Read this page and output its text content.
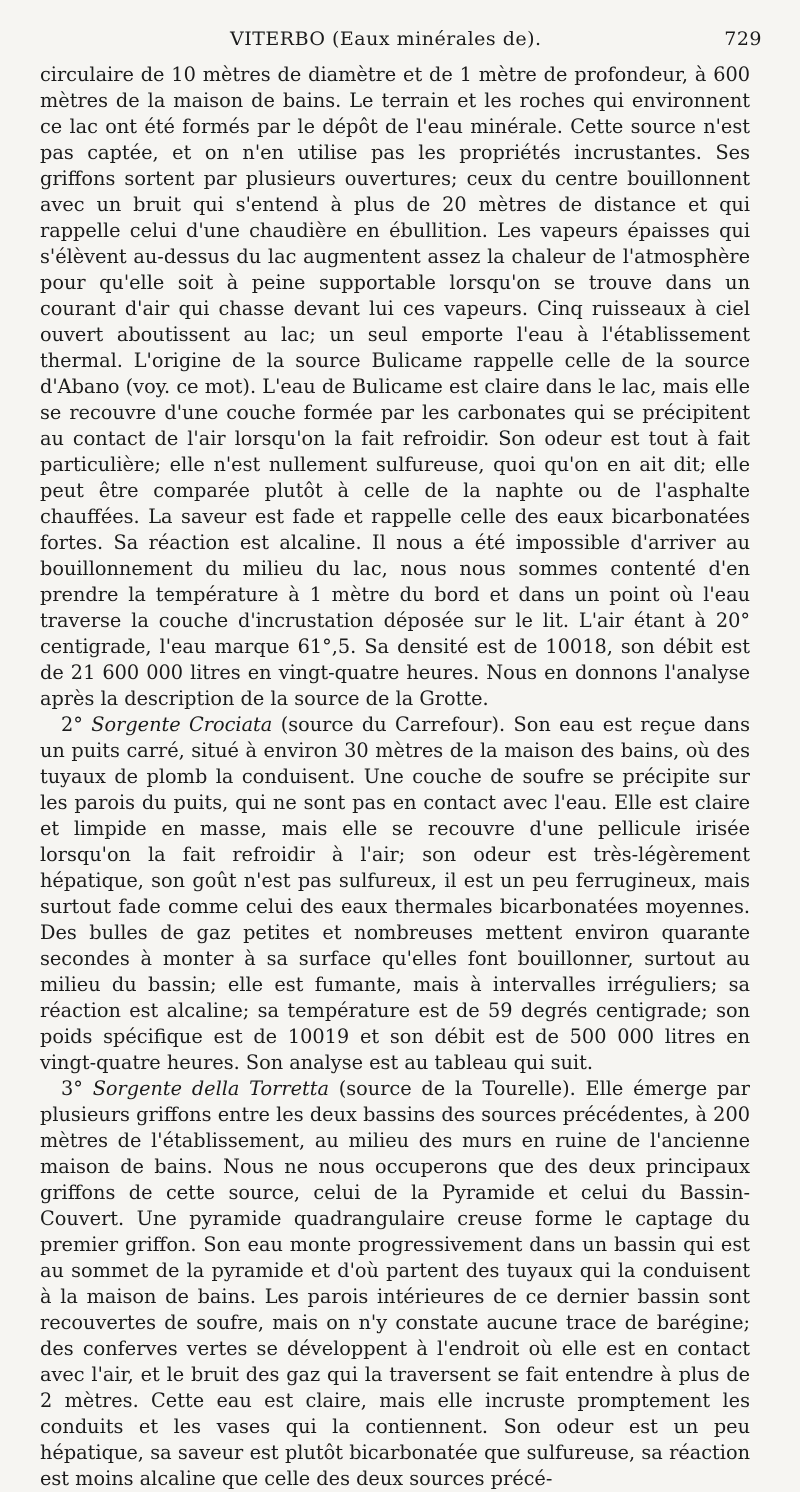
VITERBO (Eaux minérales de).	729

circulaire de 10 mètres de diamètre et de 1 mètre de profondeur, à 600 mètres de la maison de bains. Le terrain et les roches qui environnent ce lac ont été formés par le dépôt de l'eau minérale. Cette source n'est pas captée, et on n'en utilise pas les propriétés incrustantes. Ses griffons sortent par plusieurs ouvertures; ceux du centre bouillonnent avec un bruit qui s'entend à plus de 20 mètres de distance et qui rappelle celui d'une chaudière en ébullition. Les vapeurs épaisses qui s'élèvent au-dessus du lac augmentent assez la chaleur de l'atmosphère pour qu'elle soit à peine supportable lorsqu'on se trouve dans un courant d'air qui chasse devant lui ces vapeurs. Cinq ruisseaux à ciel ouvert aboutissent au lac; un seul emporte l'eau à l'établissement thermal. L'origine de la source Bulicame rappelle celle de la source d'Abano (voy. ce mot). L'eau de Bulicame est claire dans le lac, mais elle se recouvre d'une couche formée par les carbonates qui se précipitent au contact de l'air lorsqu'on la fait refroidir. Son odeur est tout à fait particulière; elle n'est nullement sulfureuse, quoi qu'on en ait dit; elle peut être comparée plutôt à celle de la naphte ou de l'asphalte chauffées. La saveur est fade et rappelle celle des eaux bicarbonatées fortes. Sa réaction est alcaline. Il nous a été impossible d'arriver au bouillonnement du milieu du lac, nous nous sommes contenté d'en prendre la température à 1 mètre du bord et dans un point où l'eau traverse la couche d'incrustation déposée sur le lit. L'air étant à 20° centigrade, l'eau marque 61°,5. Sa densité est de 10018, son débit est de 21 600 000 litres en vingt-quatre heures. Nous en donnons l'analyse après la description de la source de la Grotte.

2° Sorgente Crociata (source du Carrefour). Son eau est reçue dans un puits carré, situé à environ 30 mètres de la maison des bains, où des tuyaux de plomb la conduisent. Une couche de soufre se précipite sur les parois du puits, qui ne sont pas en contact avec l'eau. Elle est claire et limpide en masse, mais elle se recouvre d'une pellicule irisée lorsqu'on la fait refroidir à l'air; son odeur est très-légèrement hépatique, son goût n'est pas sulfureux, il est un peu ferrugineux, mais surtout fade comme celui des eaux thermales bicarbonatées moyennes. Des bulles de gaz petites et nombreuses mettent environ quarante secondes à monter à sa surface qu'elles font bouillonner, surtout au milieu du bassin; elle est fumante, mais à intervalles irréguliers; sa réaction est alcaline; sa température est de 59 degrés centigrade; son poids spécifique est de 10019 et son débit est de 500 000 litres en vingt-quatre heures. Son analyse est au tableau qui suit.

3° Sorgente della Torretta (source de la Tourelle). Elle émerge par plusieurs griffons entre les deux bassins des sources précédentes, à 200 mètres de l'établissement, au milieu des murs en ruine de l'ancienne maison de bains. Nous ne nous occuperons que des deux principaux griffons de cette source, celui de la Pyramide et celui du Bassin-Couvert. Une pyramide quadrangulaire creuse forme le captage du premier griffon. Son eau monte progressivement dans un bassin qui est au sommet de la pyramide et d'où partent des tuyaux qui la conduisent à la maison de bains. Les parois intérieures de ce dernier bassin sont recouvertes de soufre, mais on n'y constate aucune trace de barégine; des conferves vertes se développent à l'endroit où elle est en contact avec l'air, et le bruit des gaz qui la traversent se fait entendre à plus de 2 mètres. Cette eau est claire, mais elle incruste promptement les conduits et les vases qui la contiennent. Son odeur est un peu hépatique, sa saveur est plutôt bicarbonatée que sulfureuse, sa réaction est moins alcaline que celle des deux sources précé-
